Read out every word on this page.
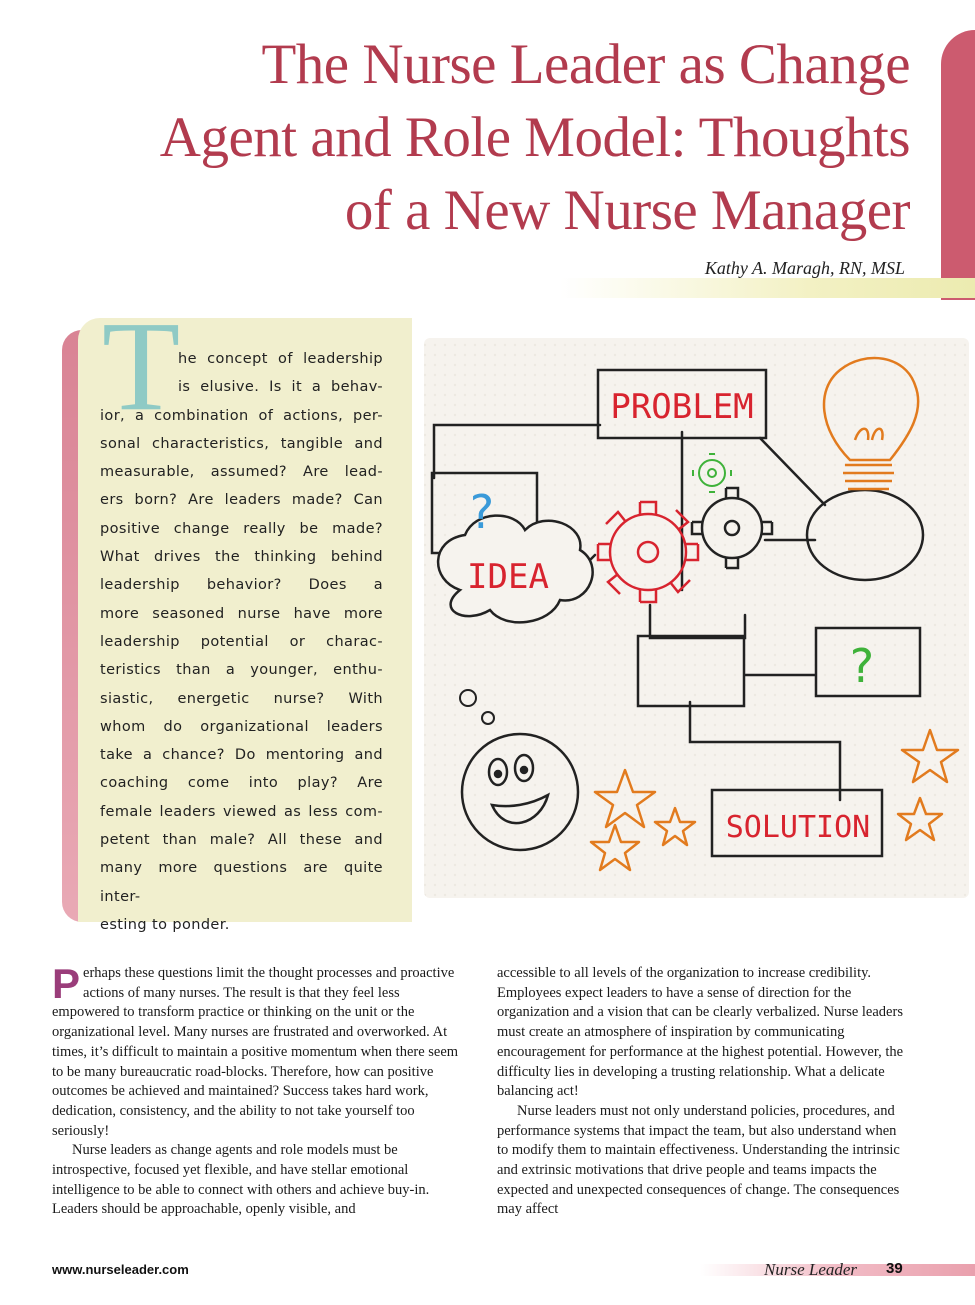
The Nurse Leader as Change
Agent and Role Model: Thoughts
of a New Nurse Manager
Kathy A. Maragh, RN, MSL
T
he concept of leadership
is elusive. Is it a behav-
ior, a combination of actions, per-
sonal characteristics, tangible and
measurable, assumed? Are lead-
ers born? Are leaders made? Can
positive change really be made?
What drives the thinking behind
leadership behavior? Does a
more seasoned nurse have more
leadership potential or charac-
teristics than a younger, enthu-
siastic, energetic nurse? With
whom do organizational leaders
take a chance? Do mentoring and
coaching come into play? Are
female leaders viewed as less com-
petent than male? All these and
many more questions are quite inter-
esting to ponder.
PROBLEM
SOLUTION
IDEA
?
?

Perhaps these questions limit the thought processes and proactive actions of many nurses. The result is that they feel less empowered to transform practice or thinking on the unit or the organizational level. Many nurses are frustrated and overworked. At times, it’s difficult to maintain a positive momentum when there seem to be many bureaucratic road-blocks. Therefore, how can positive outcomes be achieved and maintained? Success takes hard work, dedication, consistency, and the ability to not take yourself too seriously!

Nurse leaders as change agents and role models must be introspective, focused yet flexible, and have stellar emotional intelligence to be able to connect with others and achieve buy-in. Leaders should be approachable, openly visible, and

accessible to all levels of the organization to increase credibility. Employees expect leaders to have a sense of direction for the organization and a vision that can be clearly verbalized. Nurse leaders must create an atmosphere of inspiration by communicating encouragement for performance at the highest potential. However, the difficulty lies in developing a trusting relationship. What a delicate balancing act!

Nurse leaders must not only understand policies, procedures, and performance systems that impact the team, but also understand when to modify them to maintain effectiveness. Understanding the intrinsic and extrinsic motivations that drive people and teams impacts the expected and unexpected consequences of change. The consequences may affect

www.nurseleader.com	Nurse Leader 39
